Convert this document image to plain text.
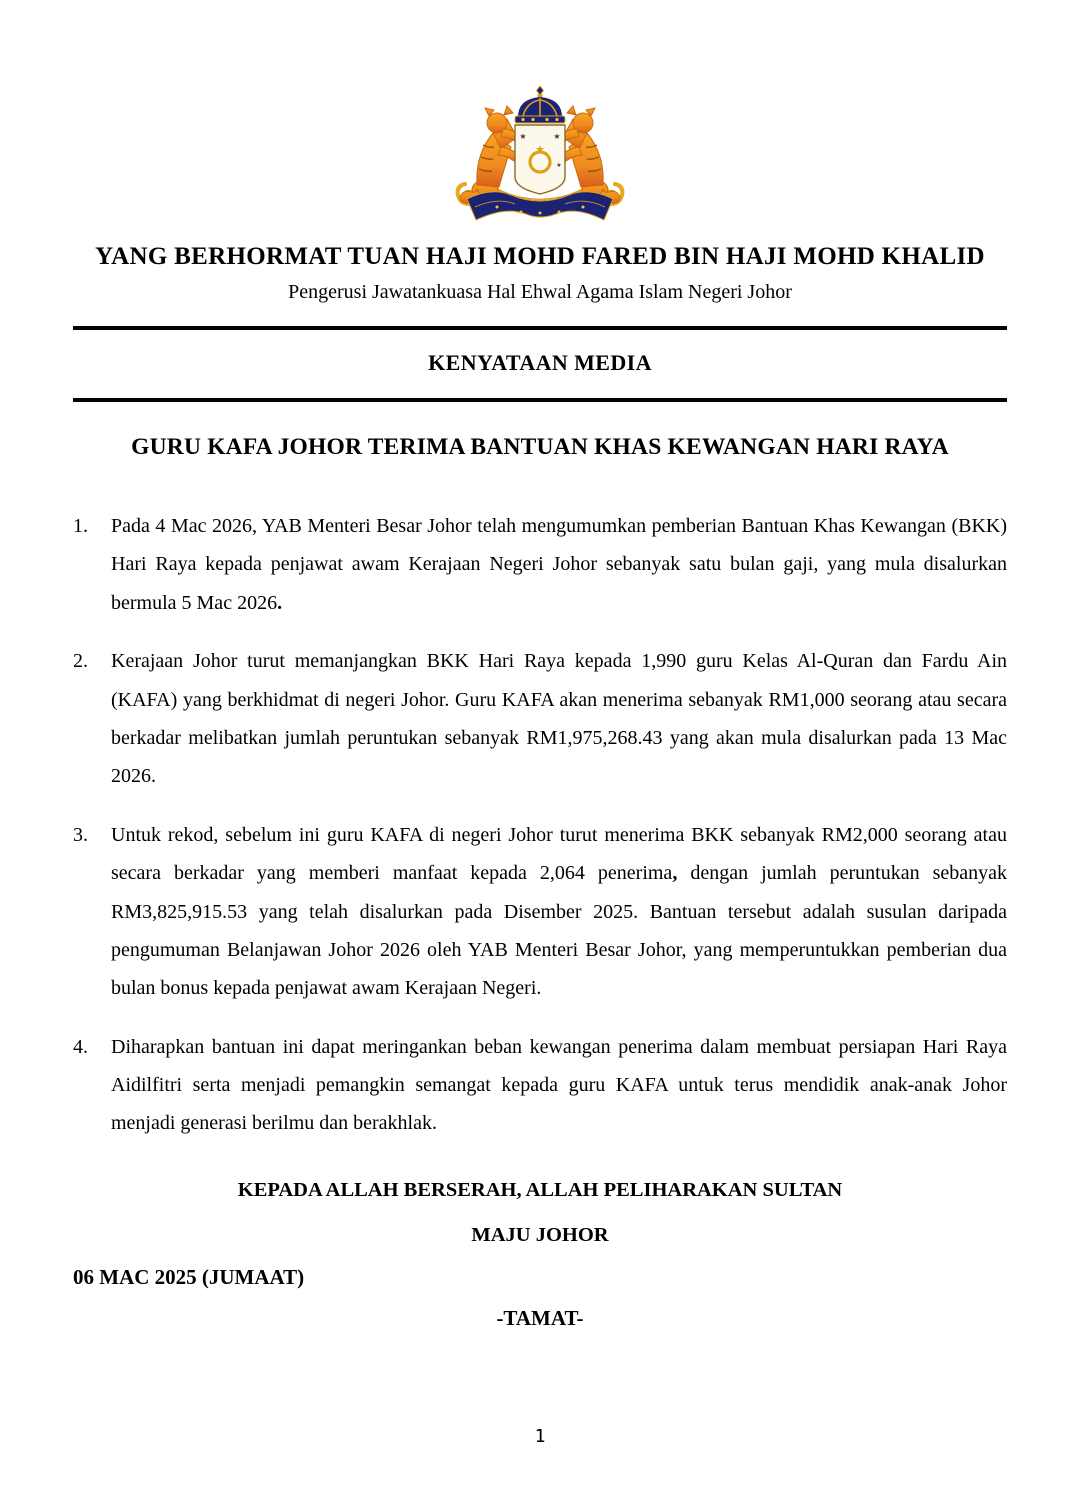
★	★
★
★
YANG BERHORMAT TUAN HAJI MOHD FARED BIN HAJI MOHD KHALID
Pengerusi Jawatankuasa Hal Ehwal Agama Islam Negeri Johor
KENYATAAN MEDIA
GURU KAFA JOHOR TERIMA BANTUAN KHAS KEWANGAN HARI RAYA
1.	Pada 4 Mac 2026, YAB Menteri Besar Johor telah mengumumkan pemberian Bantuan Khas Kewangan (BKK) Hari Raya kepada penjawat awam Kerajaan Negeri Johor sebanyak satu bulan gaji, yang mula disalurkan bermula 5 Mac 2026.

2.	Kerajaan Johor turut memanjangkan BKK Hari Raya kepada 1,990 guru Kelas Al-Quran dan Fardu Ain (KAFA) yang berkhidmat di negeri Johor. Guru KAFA akan menerima sebanyak RM1,000 seorang atau secara berkadar melibatkan jumlah peruntukan sebanyak RM1,975,268.43 yang akan mula disalurkan pada 13 Mac 2026.

3.	Untuk rekod, sebelum ini guru KAFA di negeri Johor turut menerima BKK sebanyak RM2,000 seorang atau secara berkadar yang memberi manfaat kepada 2,064 penerima, dengan jumlah peruntukan sebanyak RM3,825,915.53 yang telah disalurkan pada Disember 2025. Bantuan tersebut adalah susulan daripada pengumuman Belanjawan Johor 2026 oleh YAB Menteri Besar Johor, yang memperuntukkan pemberian dua bulan bonus kepada penjawat awam Kerajaan Negeri.

4.	Diharapkan bantuan ini dapat meringankan beban kewangan penerima dalam membuat persiapan Hari Raya Aidilfitri serta menjadi pemangkin semangat kepada guru KAFA untuk terus mendidik anak-anak Johor menjadi generasi berilmu dan berakhlak.

KEPADA ALLAH BERSERAH, ALLAH PELIHARAKAN SULTAN
MAJU JOHOR
06 MAC 2025 (JUMAAT)
-TAMAT-
1
